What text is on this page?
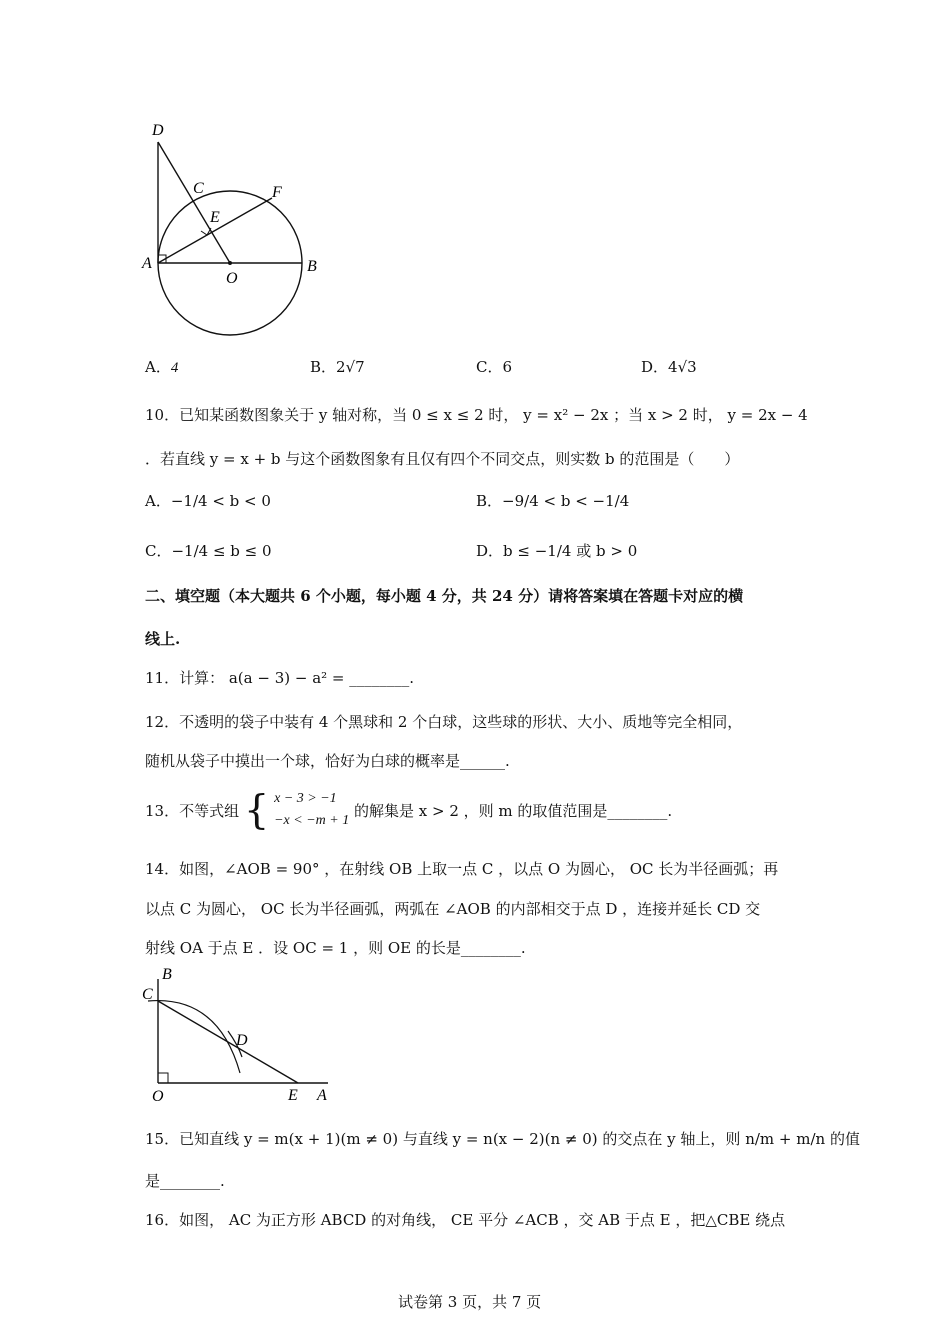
D
C	F
E
A
O
B
A．4	B．2√7	C．6	D．4√3
10．已知某函数图象关于 y 轴对称，当 0 ≤ x ≤ 2 时， y = x² − 2x ；当 x > 2 时， y = 2x − 4
．若直线 y = x + b 与这个函数图象有且仅有四个不同交点，则实数 b 的范围是（　　）
A．−1/4 < b < 0	B．−9/4 < b < −1/4
C．−1/4 ≤ b ≤ 0	D．b ≤ −1/4 或 b > 0
二、填空题（本大题共 6 个小题，每小题 4 分，共 24 分）请将答案填在答题卡对应的横
线上.
11．计算： a(a − 3) − a² = ________.
12．不透明的袋子中装有 4 个黑球和 2 个白球，这些球的形状、大小、质地等完全相同，
随机从袋子中摸出一个球，恰好为白球的概率是______.
13．不等式组 { x − 3 > −1
−x < −m + 1
的解集是 x > 2 ，则 m 的取值范围是________.
14．如图，∠AOB = 90° ，在射线 OB 上取一点 C ，以点 O 为圆心， OC 长为半径画弧；再
以点 C 为圆心， OC 长为半径画弧，两弧在 ∠AOB 的内部相交于点 D ，连接并延长 CD 交
射线 OA 于点 E ．设 OC = 1 ，则 OE 的长是________.
B
C
D
O	E A
15．已知直线 y = m(x + 1)(m ≠ 0) 与直线 y = n(x − 2)(n ≠ 0) 的交点在 y 轴上，则 n/m + m/n 的值
是________.
16．如图， AC 为正方形 ABCD 的对角线， CE 平分 ∠ACB ，交 AB 于点 E ，把△CBE 绕点
试卷第 3 页，共 7 页
